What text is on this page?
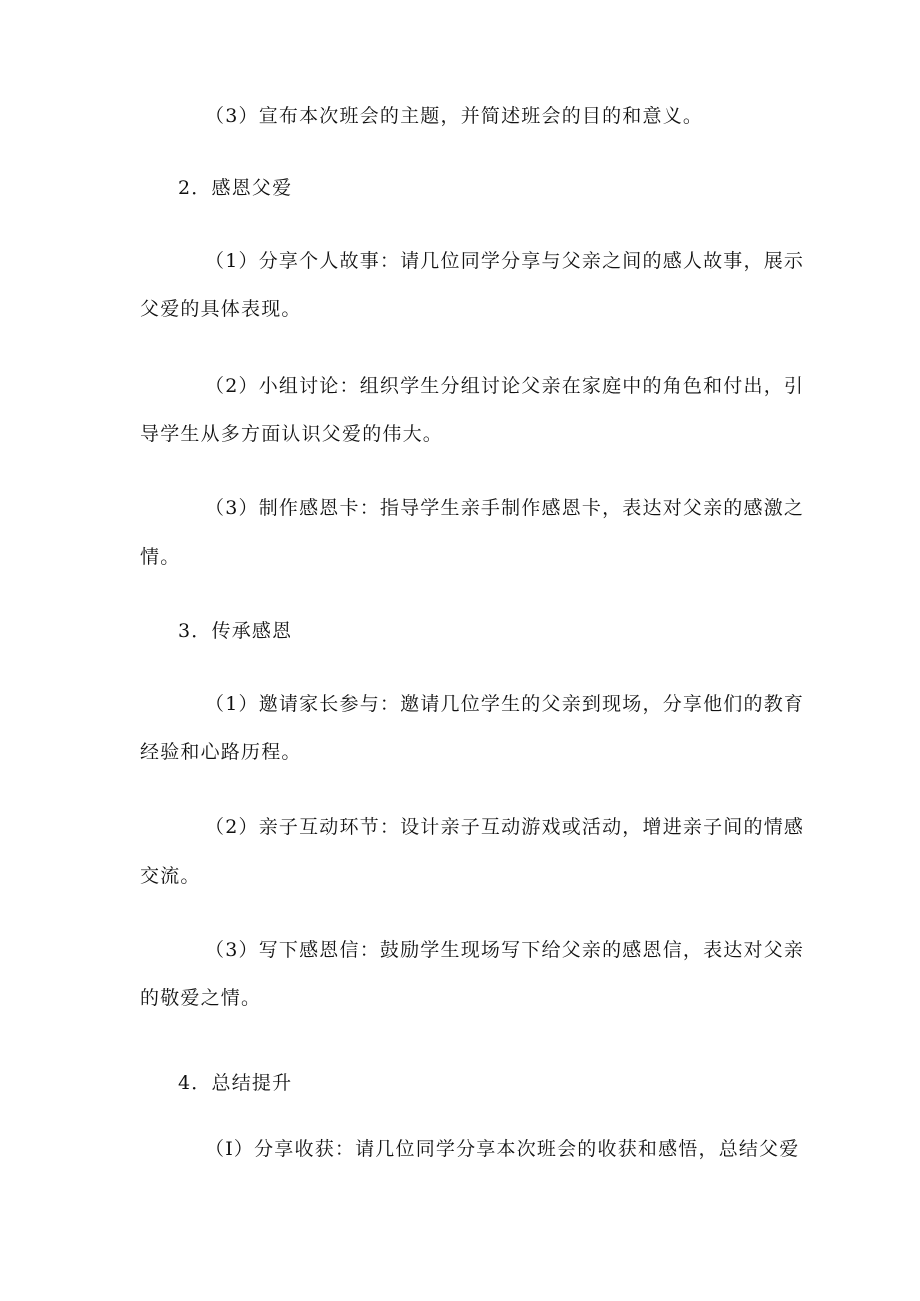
（3）宣布本次班会的主题，并简述班会的目的和意义。

2．感恩父爱

（1）分享个人故事：请几位同学分享与父亲之间的感人故事，展示

父爱的具体表现。

（2）小组讨论：组织学生分组讨论父亲在家庭中的角色和付出，引

导学生从多方面认识父爱的伟大。

（3）制作感恩卡：指导学生亲手制作感恩卡，表达对父亲的感激之

情。

3．传承感恩

（1）邀请家长参与：邀请几位学生的父亲到现场，分享他们的教育

经验和心路历程。

（2）亲子互动环节：设计亲子互动游戏或活动，增进亲子间的情感

交流。

（3）写下感恩信：鼓励学生现场写下给父亲的感恩信，表达对父亲

的敬爱之情。

4．总结提升

（I）分享收获：请几位同学分享本次班会的收获和感悟，总结父爱
